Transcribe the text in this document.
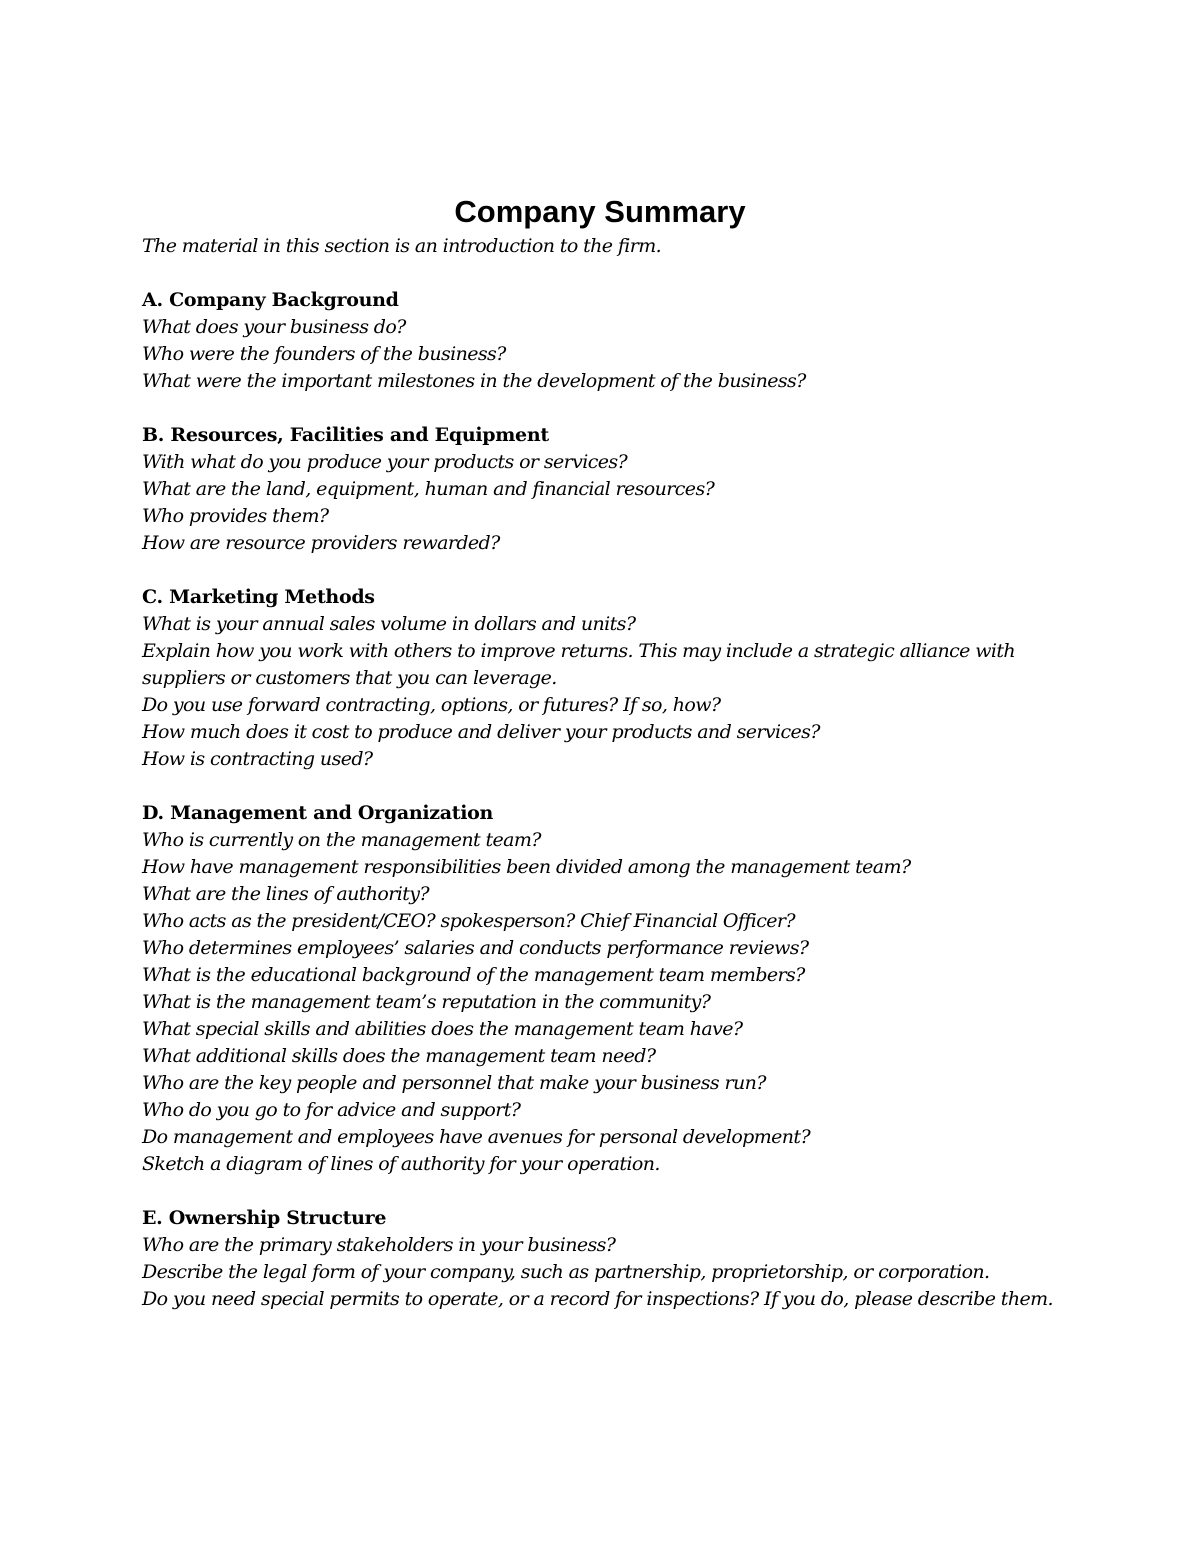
Company Summary

The material in this section is an introduction to the firm.

A. Company Background

What does your business do?

Who were the founders of the business?

What were the important milestones in the development of the business?

B. Resources, Facilities and Equipment

With what do you produce your products or services?

What are the land, equipment, human and financial resources?

Who provides them?

How are resource providers rewarded?

C. Marketing Methods

What is your annual sales volume in dollars and units?

Explain how you work with others to improve returns. This may include a strategic alliance with suppliers or customers that you can leverage.

Do you use forward contracting, options, or futures? If so, how?

How much does it cost to produce and deliver your products and services?

How is contracting used?

D. Management and Organization

Who is currently on the management team?

How have management responsibilities been divided among the management team?

What are the lines of authority?

Who acts as the president/CEO? spokesperson? Chief Financial Officer?

Who determines employees’ salaries and conducts performance reviews?

What is the educational background of the management team members?

What is the management team’s reputation in the community?

What special skills and abilities does the management team have?

What additional skills does the management team need?

Who are the key people and personnel that make your business run?

Who do you go to for advice and support?

Do management and employees have avenues for personal development?

Sketch a diagram of lines of authority for your operation.

E. Ownership Structure

Who are the primary stakeholders in your business?

Describe the legal form of your company, such as partnership, proprietorship, or corporation.

Do you need special permits to operate, or a record for inspections? If you do, please describe them.
